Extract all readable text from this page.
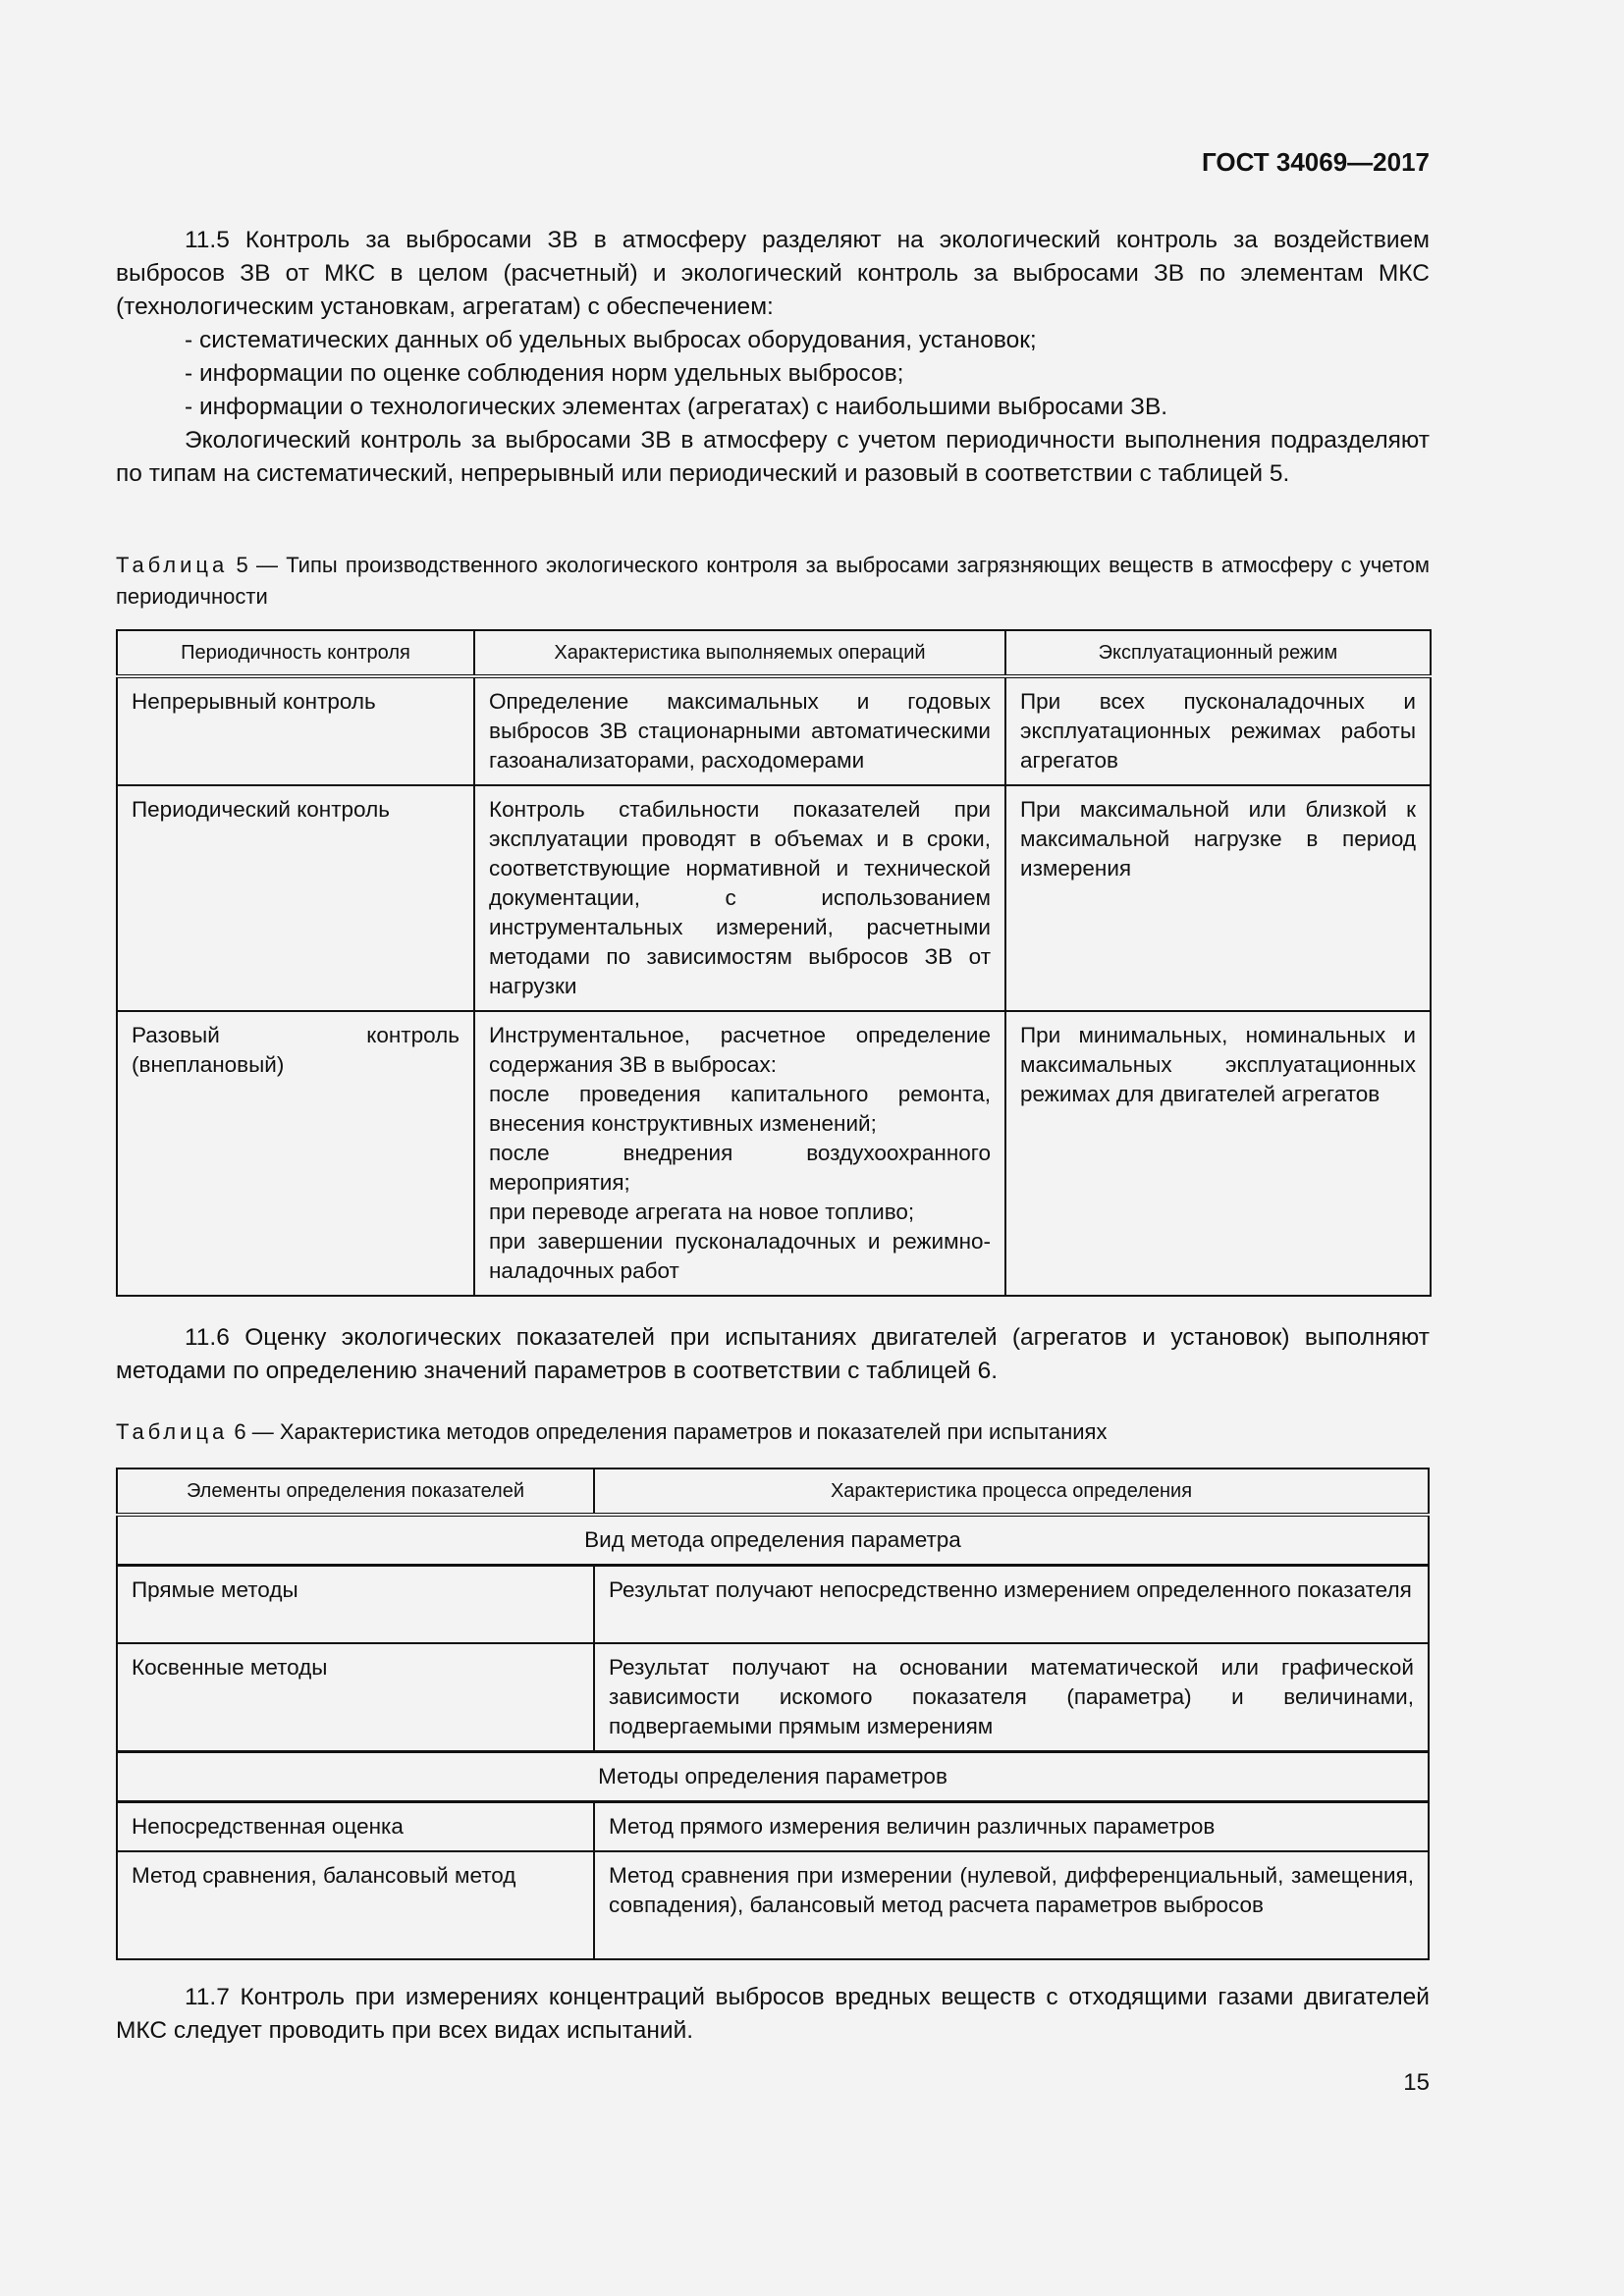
ГОСТ 34069—2017

11.5 Контроль за выбросами ЗВ в атмосферу разделяют на экологический контроль за воздействием выбросов ЗВ от МКС в целом (расчетный) и экологический контроль за выбросами ЗВ по элементам МКС (технологическим установкам, агрегатам) с обеспечением:

- систематических данных об удельных выбросах оборудования, установок;

- информации по оценке соблюдения норм удельных выбросов;

- информации о технологических элементах (агрегатах) с наибольшими выбросами ЗВ.

Экологический контроль за выбросами ЗВ в атмосферу с учетом периодичности выполнения подразделяют по типам на систематический, непрерывный или периодический и разовый в соответствии с таблицей 5.

Таблица 5 — Типы производственного экологического контроля за выбросами загрязняющих веществ в атмосферу с учетом периодичности
Периодичность контроля	Характеристика выполняемых операций	Эксплуатационный режим
Непрерывный контроль	Определение максимальных и годовых выбросов ЗВ стационарными автоматическими газоанализаторами, расходомерами	При всех пусконаладочных и эксплуатационных режимах работы агрегатов
Периодический контроль	Контроль стабильности показателей при эксплуатации проводят в объемах и в сроки, соответствующие нормативной и технической документации, с использованием инструментальных измерений, расчетными методами по зависимостям выбросов ЗВ от нагрузки	При максимальной или близкой к максимальной нагрузке в период измерения
Разовый контроль (внеплановый)	Инструментальное, расчетное определение содержания ЗВ в выбросах:
после проведения капитального ремонта, внесения конструктивных изменений;
после внедрения воздухоохранного мероприятия;
при переводе агрегата на новое топливо;
при завершении пусконаладочных и режимно-наладочных работ	При минимальных, номинальных и максимальных эксплуатационных режимах для двигателей агрегатов

11.6 Оценку экологических показателей при испытаниях двигателей (агрегатов и установок) выполняют методами по определению значений параметров в соответствии с таблицей 6.

Таблица 6 — Характеристика методов определения параметров и показателей при испытаниях
Элементы определения показателей	Характеристика процесса определения
Вид метода определения параметра	
Прямые методы	Результат получают непосредственно измерением определенного показателя
Косвенные методы	Результат получают на основании математической или графической зависимости искомого показателя (параметра) и величинами, подвергаемыми прямым измерениям
Методы определения параметров	
Непосредственная оценка	Метод прямого измерения величин различных параметров
Метод сравнения, балансовый метод	Метод сравнения при измерении (нулевой, дифференциальный, замещения, совпадения), балансовый метод расчета параметров выбросов

11.7 Контроль при измерениях концентраций выбросов вредных веществ с отходящими газами двигателей МКС следует проводить при всех видах испытаний.

15
